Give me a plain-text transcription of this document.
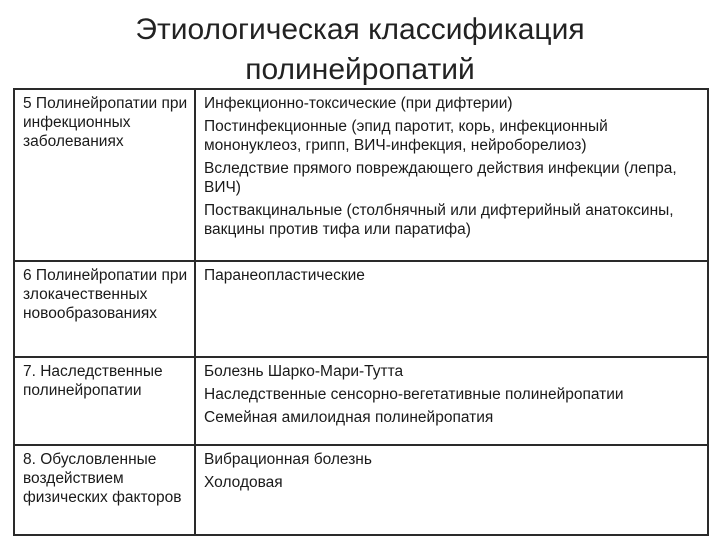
Этиологическая классификация
полинейропатий
5 Полинейропатии при инфекционных заболеваниях	Инфекционно-токсические (при дифтерии)
Постинфекционные (эпид паротит, корь, инфекционный мононуклеоз, грипп, ВИЧ-инфекция, нейроборелиоз)
Вследствие прямого повреждающего действия инфекции (лепра, ВИЧ)
Поствакцинальные (столбнячный или дифтерийный анатоксины, вакцины против тифа или паратифа)

6 Полинейропатии при злокачественных новообразованиях	Паранеопластические

7. Наследственные полинейропатии	Болезнь Шарко-Мари-Тутта
Наследственные сенсорно-вегетативные полинейропатии
Семейная амилоидная полинейропатия

8. Обусловленные воздействием физических факторов	Вибрационная болезнь
Холодовая
